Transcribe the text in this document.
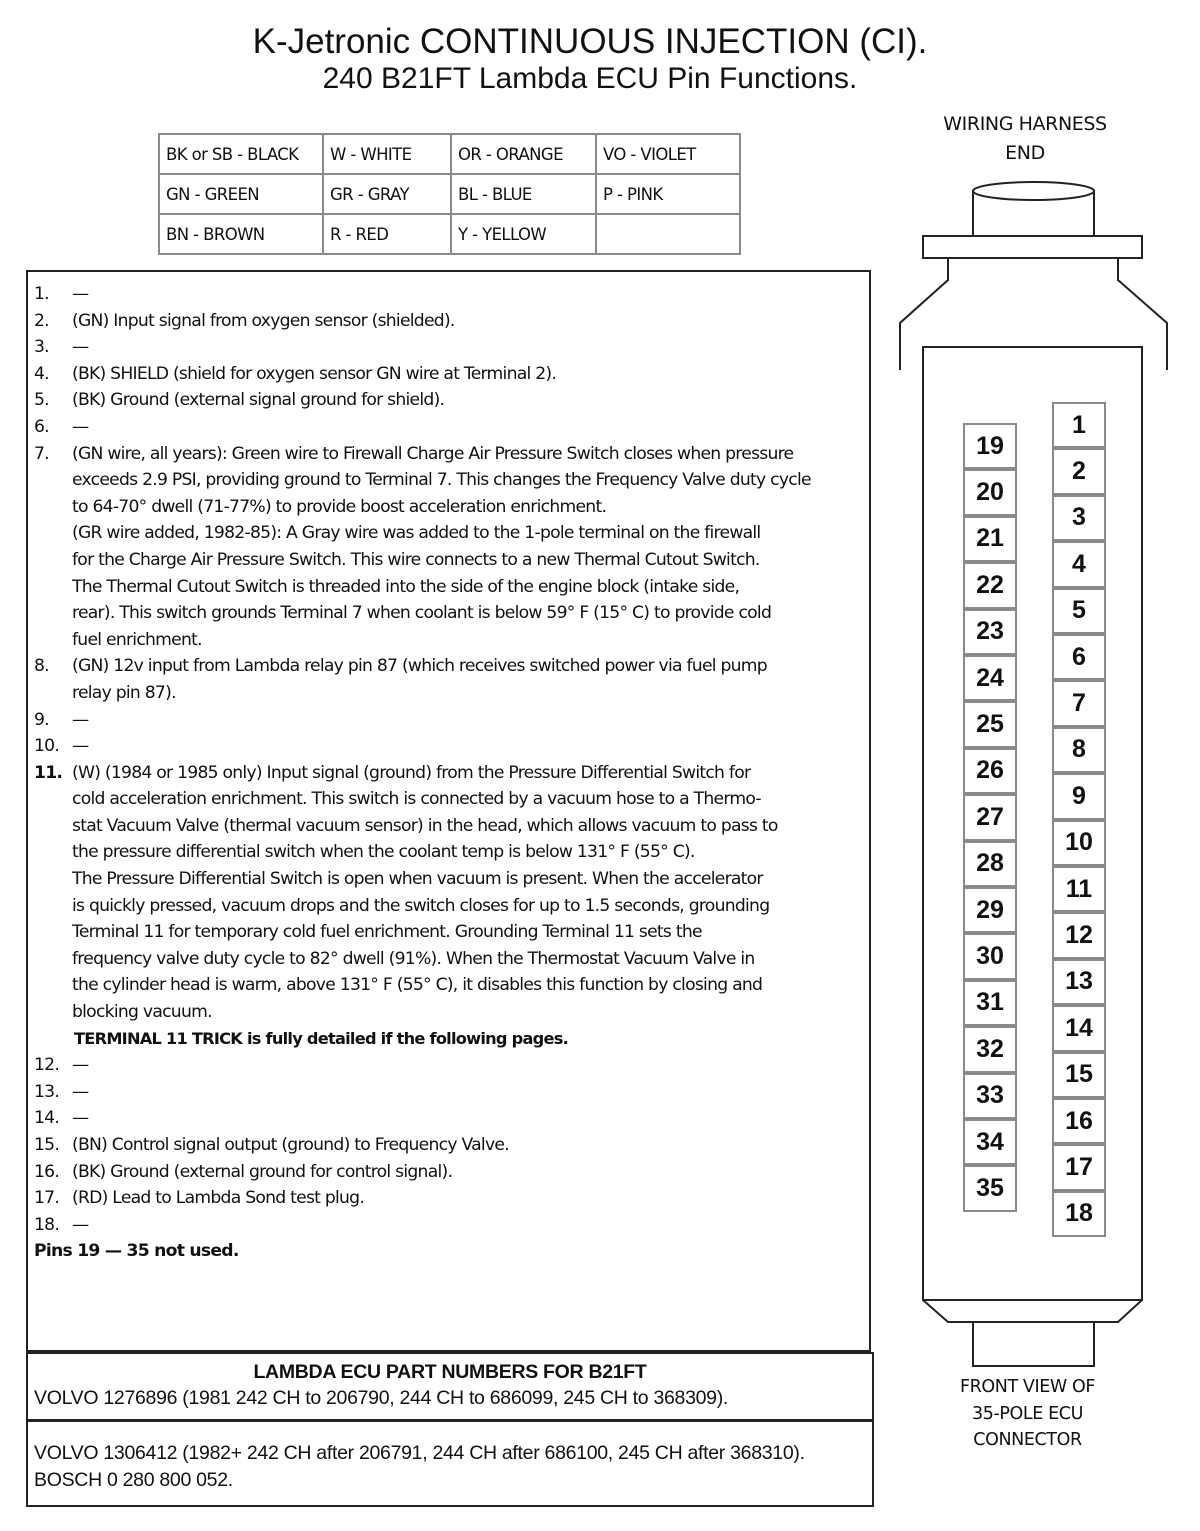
K-Jetronic CONTINUOUS INJECTION (CI).
240 B21FT Lambda ECU Pin Functions.
BK or SB - BLACK	W - WHITE	OR - ORANGE	VO - VIOLET
GN - GREEN	GR - GRAY	BL - BLUE	P - PINK
BN - BROWN	R - RED	Y - YELLOW	
1.	—
2.	(GN) Input signal from oxygen sensor (shielded).
3.	—
4.	(BK) SHIELD (shield for oxygen sensor GN wire at Terminal 2).
5.	(BK) Ground (external signal ground for shield).
6.	—
7.	(GN wire, all years): Green wire to Firewall Charge Air Pressure Switch closes when pressure
exceeds 2.9 PSI, providing ground to Terminal 7. This changes the Frequency Valve duty cycle
to 64-70° dwell (71-77%) to provide boost acceleration enrichment.
(GR wire added, 1982-85): A Gray wire was added to the 1-pole terminal on the firewall
for the Charge Air Pressure Switch. This wire connects to a new Thermal Cutout Switch.
The Thermal Cutout Switch is threaded into the side of the engine block (intake side,
rear). This switch grounds Terminal 7 when coolant is below 59° F (15° C) to provide cold
fuel enrichment.
8.	(GN) 12v input from Lambda relay pin 87 (which receives switched power via fuel pump
relay pin 87).
9.	—
10. —
11. (W) (1984 or 1985 only) Input signal (ground) from the Pressure Differential Switch for
cold acceleration enrichment. This switch is connected by a vacuum hose to a Thermo-
stat Vacuum Valve (thermal vacuum sensor) in the head, which allows vacuum to pass to
the pressure differential switch when the coolant temp is below 131° F (55° C).
The Pressure Differential Switch is open when vacuum is present. When the accelerator
is quickly pressed, vacuum drops and the switch closes for up to 1.5 seconds, grounding
Terminal 11 for temporary cold fuel enrichment. Grounding Terminal 11 sets the
frequency valve duty cycle to 82° dwell (91%). When the Thermostat Vacuum Valve in
the cylinder head is warm, above 131° F (55° C), it disables this function by closing and
blocking vacuum.
TERMINAL 11 TRICK is fully detailed if the following pages.
12. —
13. —
14. —
15. (BN) Control signal output (ground) to Frequency Valve.
16. (BK) Ground (external ground for control signal).
17. (RD) Lead to Lambda Sond test plug.
18. —
Pins 19 — 35 not used.
LAMBDA ECU PART NUMBERS FOR B21FT
VOLVO 1276896 (1981 242 CH to 206790, 244 CH to 686099, 245 CH to 368309).
VOLVO 1306412 (1982+ 242 CH after 206791, 244 CH after 686100, 245 CH after 368310). BOSCH 0 280 800 052.
WIRING HARNESS
END
19
20
21
22
23
24
25
26
27
28
29
30
31
32
33
34
35
1
2
3
4
5
6
7
8
9
10
11
12
13
14
15
16
17
18
FRONT VIEW OF
35-POLE ECU
CONNECTOR
